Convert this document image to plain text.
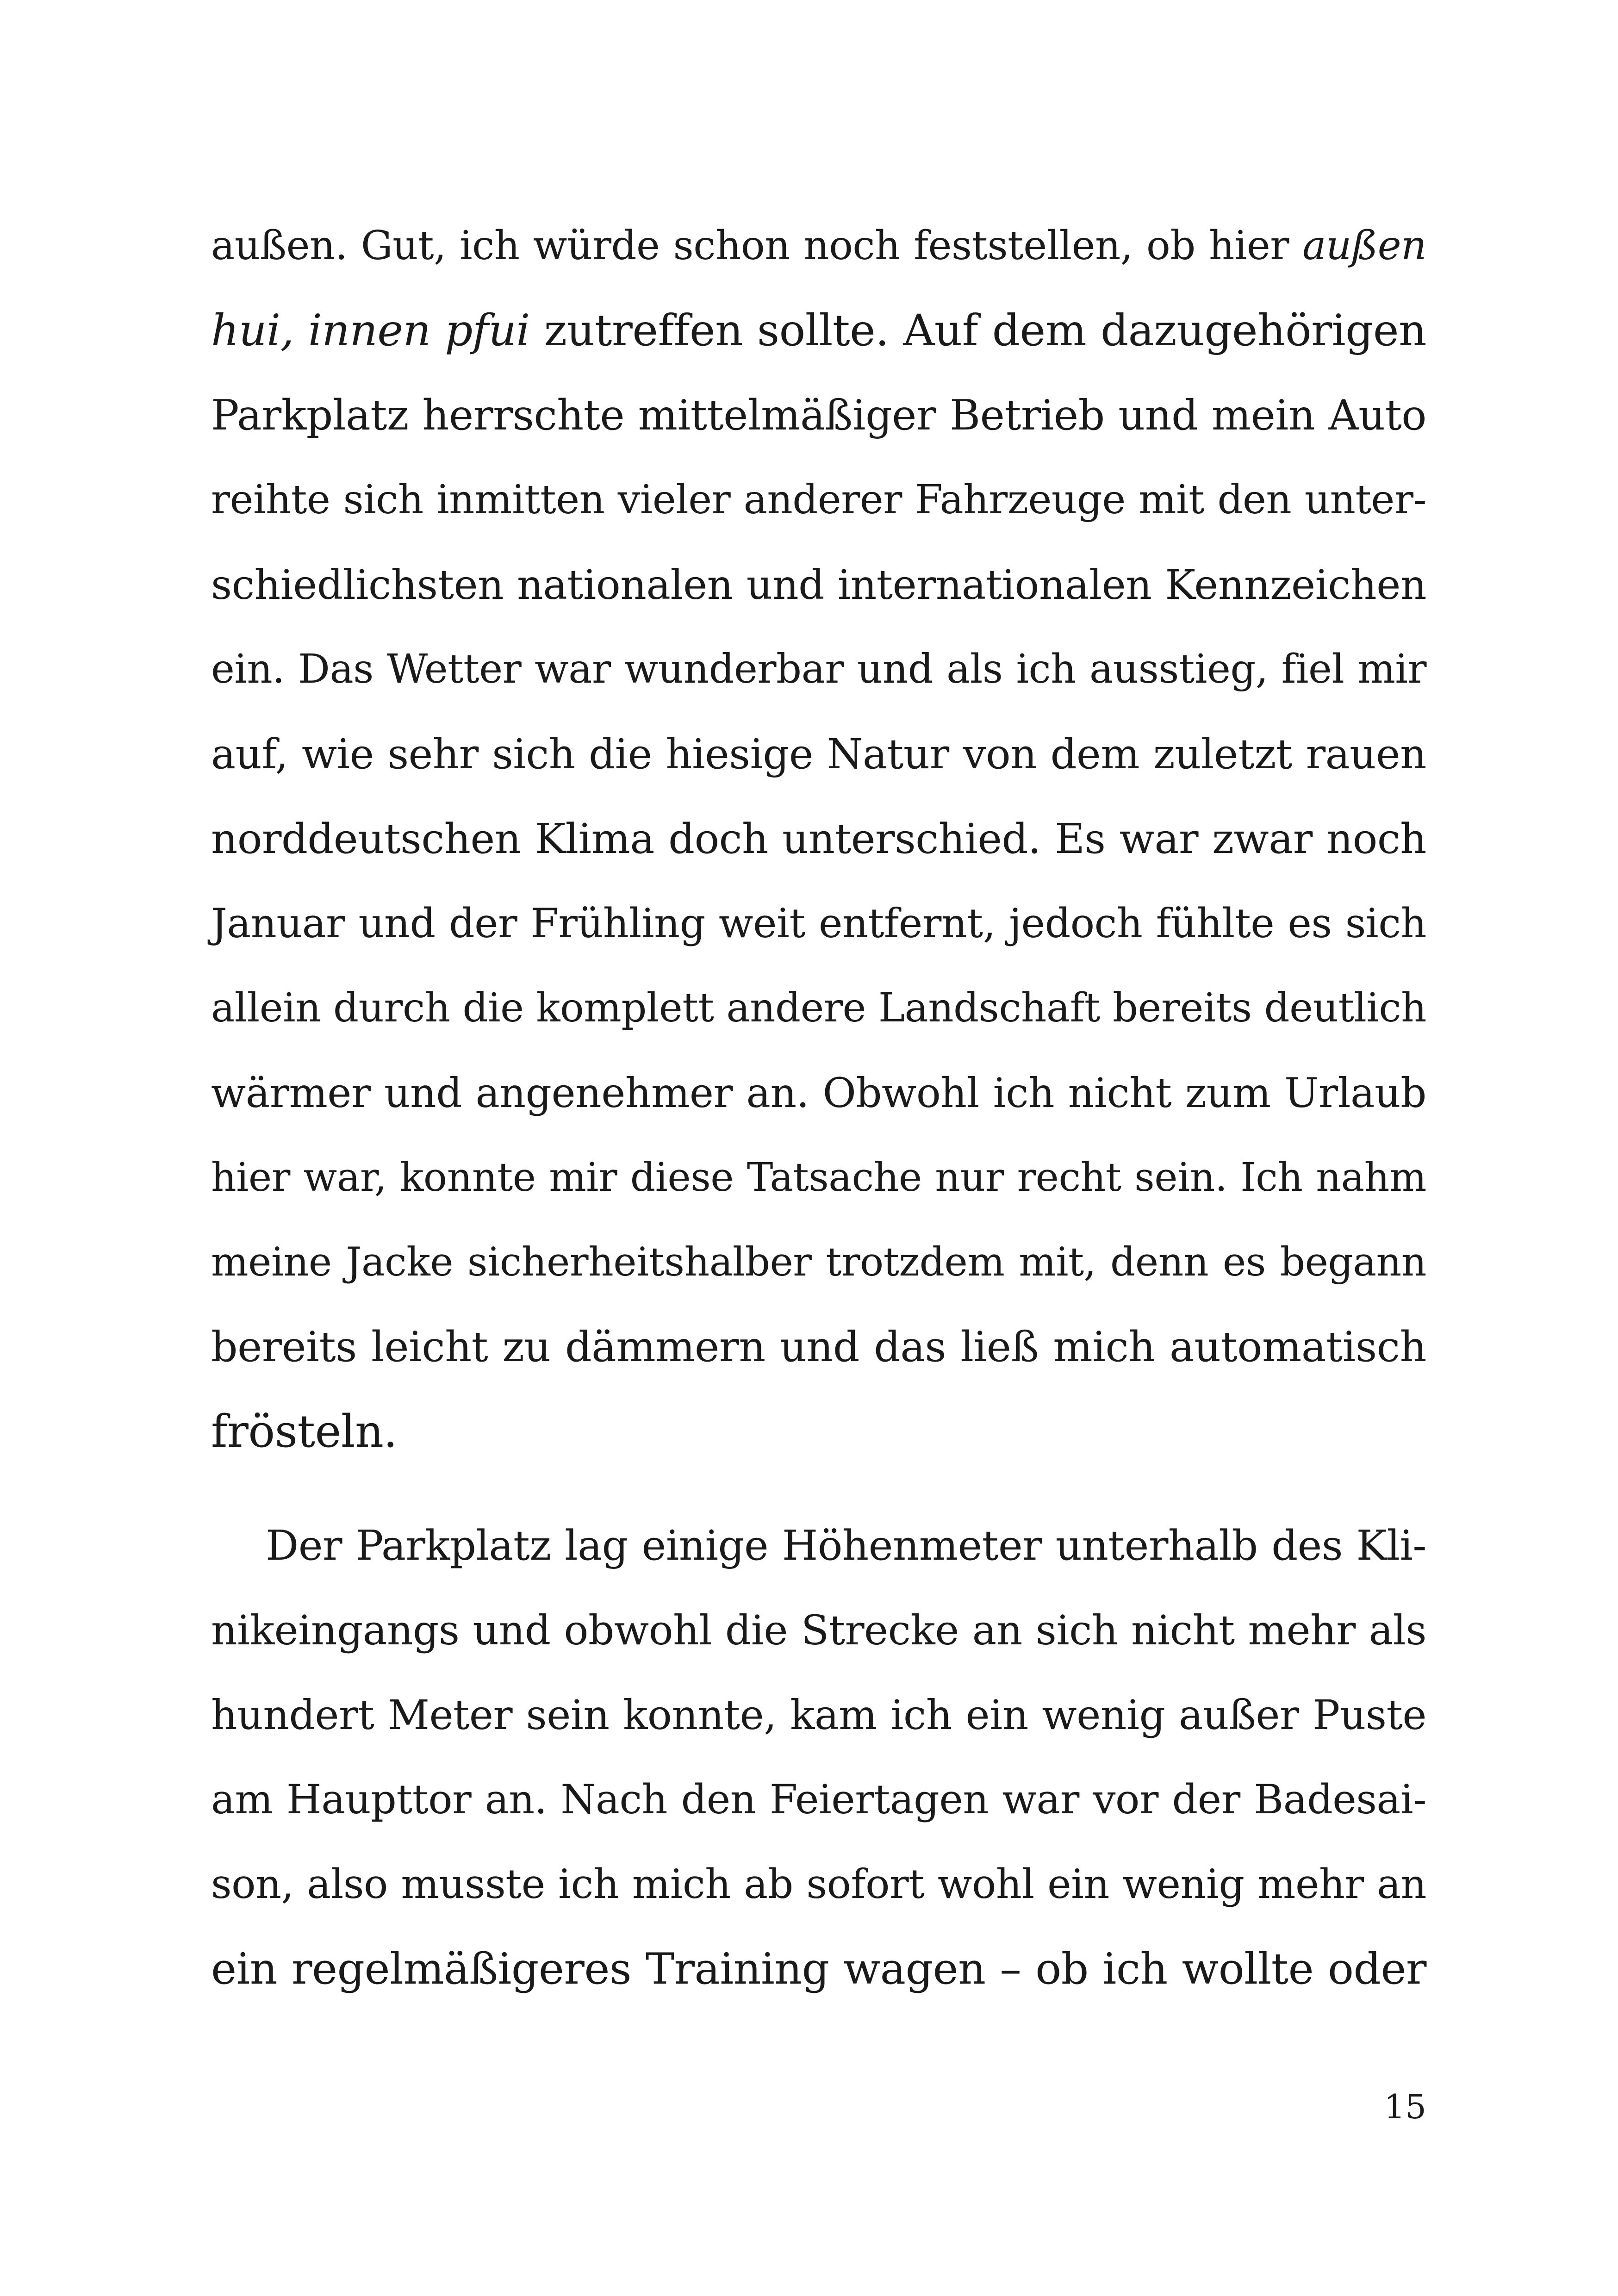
außen. Gut, ich würde schon noch feststellen, ob hier außen
hui, innen pfui zutreffen sollte. Auf dem dazugehörigen
Parkplatz herrschte mittelmäßiger Betrieb und mein Auto
reihte sich inmitten vieler anderer Fahrzeuge mit den unter-
schiedlichsten nationalen und internationalen Kennzeichen
ein. Das Wetter war wunderbar und als ich ausstieg, fiel mir
auf, wie sehr sich die hiesige Natur von dem zuletzt rauen
norddeutschen Klima doch unterschied. Es war zwar noch
Januar und der Frühling weit entfernt, jedoch fühlte es sich
allein durch die komplett andere Landschaft bereits deutlich
wärmer und angenehmer an. Obwohl ich nicht zum Urlaub
hier war, konnte mir diese Tatsache nur recht sein. Ich nahm
meine Jacke sicherheitshalber trotzdem mit, denn es begann
bereits leicht zu dämmern und das ließ mich automatisch
frösteln.
Der Parkplatz lag einige Höhenmeter unterhalb des Kli-
nikeingangs und obwohl die Strecke an sich nicht mehr als
hundert Meter sein konnte, kam ich ein wenig außer Puste
am Haupttor an. Nach den Feiertagen war vor der Badesai-
son, also musste ich mich ab sofort wohl ein wenig mehr an
ein regelmäßigeres Training wagen – ob ich wollte oder
15
